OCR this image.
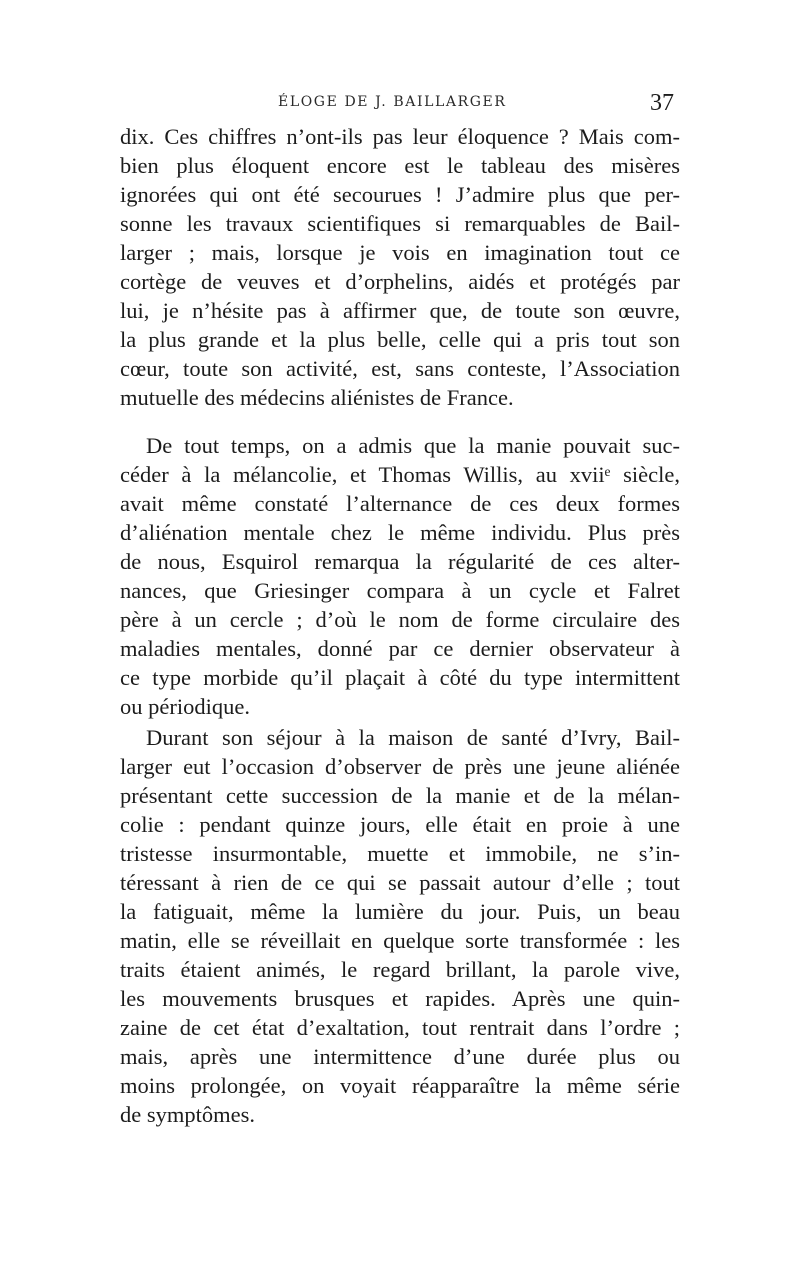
ÉLOGE DE J. BAILLARGER	37
dix. Ces chiffres n’ont-ils pas leur éloquence ? Mais com-
bien plus éloquent encore est le tableau des misères
ignorées qui ont été secourues ! J’admire plus que per-
sonne les travaux scientifiques si remarquables de Bail-
larger ; mais, lorsque je vois en imagination tout ce
cortège de veuves et d’orphelins, aidés et protégés par
lui, je n’hésite pas à affirmer que, de toute son œuvre,
la plus grande et la plus belle, celle qui a pris tout son
cœur, toute son activité, est, sans conteste, l’Association
mutuelle des médecins aliénistes de France.
De tout temps, on a admis que la manie pouvait suc-
céder à la mélancolie, et Thomas Willis, au xviiᵉ siècle,
avait même constaté l’alternance de ces deux formes
d’aliénation mentale chez le même individu. Plus près
de nous, Esquirol remarqua la régularité de ces alter-
nances, que Griesinger compara à un cycle et Falret
père à un cercle ; d’où le nom de forme circulaire des
maladies mentales, donné par ce dernier observateur à
ce type morbide qu’il plaçait à côté du type intermittent
ou périodique.
Durant son séjour à la maison de santé d’Ivry, Bail-
larger eut l’occasion d’observer de près une jeune aliénée
présentant cette succession de la manie et de la mélan-
colie : pendant quinze jours, elle était en proie à une
tristesse insurmontable, muette et immobile, ne s’in-
téressant à rien de ce qui se passait autour d’elle ; tout
la fatiguait, même la lumière du jour. Puis, un beau
matin, elle se réveillait en quelque sorte transformée : les
traits étaient animés, le regard brillant, la parole vive,
les mouvements brusques et rapides. Après une quin-
zaine de cet état d’exaltation, tout rentrait dans l’ordre ;
mais, après une intermittence d’une durée plus ou
moins prolongée, on voyait réapparaître la même série
de symptômes.
